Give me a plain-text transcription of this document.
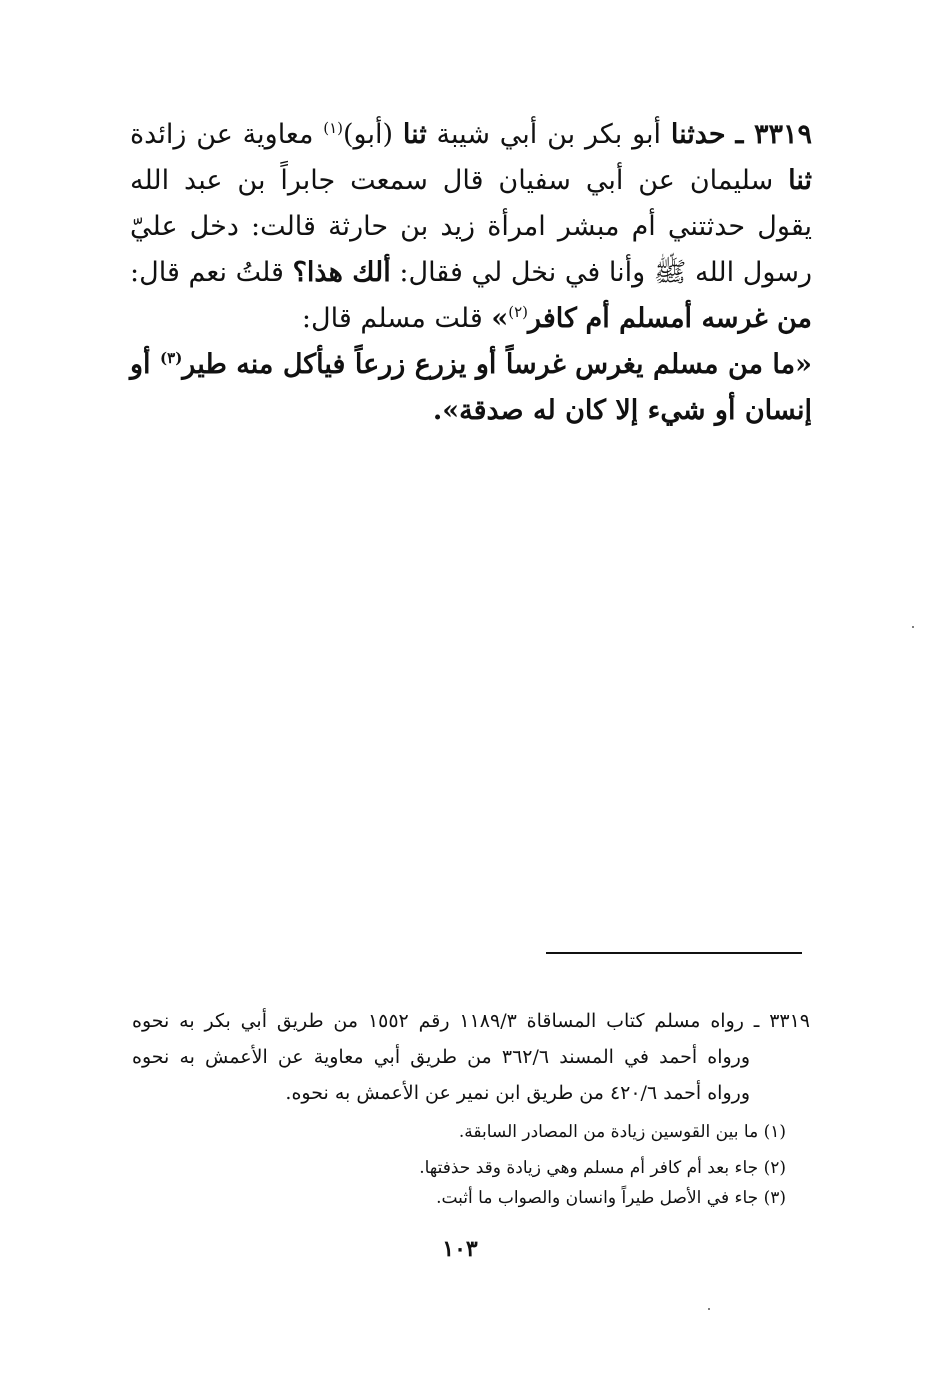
٣٣١٩ ـ حدثنا أبو بكر بن أبي شيبة ثنا (أبو)$^{(١)}$ معاوية عن زائدة ثنا سليمان عن أبي سفيان قال سمعت جابراً بن عبد الله يقول حدثتني أم مبشر امرأة زيد بن حارثة قالت: دخل عليّ رسول الله ﷺ وأنا في نخل لي فقال: ألك هذا؟ قلتُ نعم قال: من غرسه أمسلم أم كافر$^{(٢)}$» قلت مسلم قال:

«ما من مسلم يغرس غرساً أو يزرع زرعاً فيأكل منه طير$^{(٣)}$ أو إنسان أو شيء إلا كان له صدقة».

٣٣١٩ ـ رواه مسلم كتاب المساقاة ١١٨٩/٣ رقم ١٥٥٢ من طريق أبي بكر به نحوه
ورواه أحمد في المسند ٣٦٢/٦ من طريق أبي معاوية عن الأعمش به نحوه
ورواه أحمد ٤٢٠/٦ من طريق ابن نمير عن الأعمش به نحوه.
(١) ما بين القوسين زيادة من المصادر السابقة.
(٢) جاء بعد أم كافر أم مسلم وهي زيادة وقد حذفتها.
(٣) جاء في الأصل طيراً وانسان والصواب ما أثبت.
١٠٣
